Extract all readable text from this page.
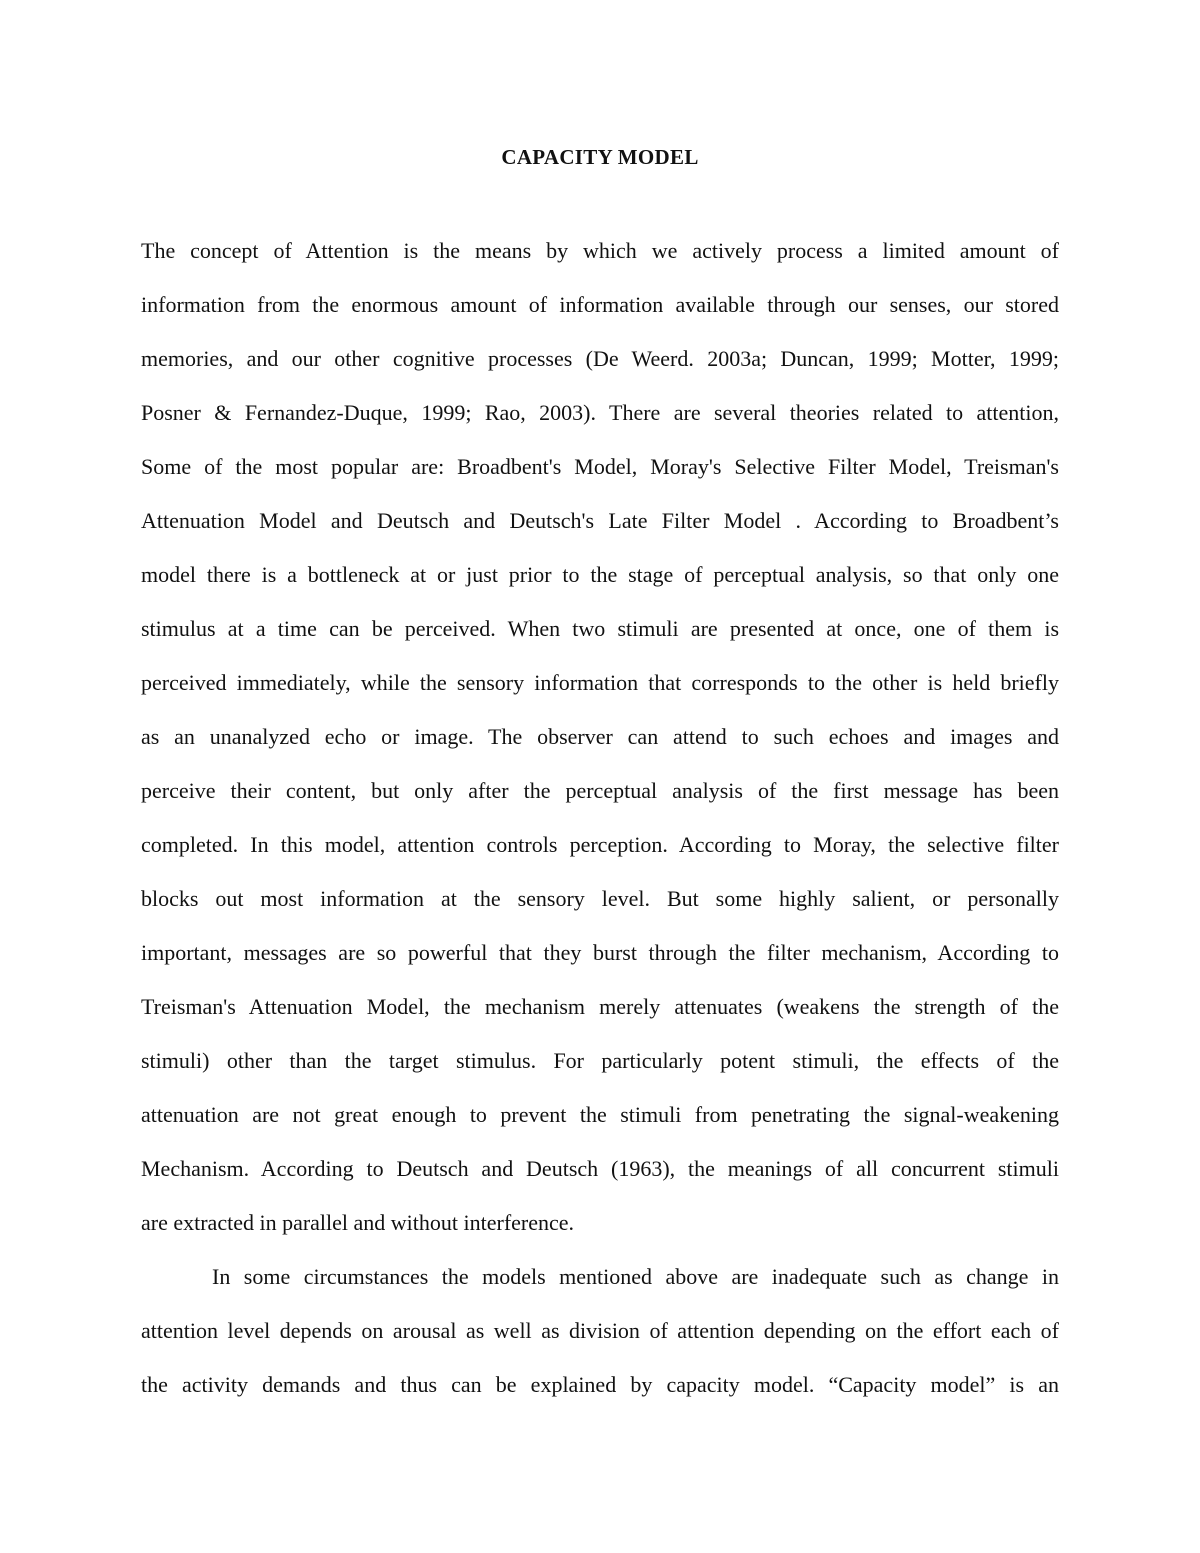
CAPACITY MODEL
The concept of Attention is the means by which we actively process a limited amount of
information from the enormous amount of information available through our senses, our stored
memories, and our other cognitive processes (De Weerd. 2003a; Duncan, 1999; Motter, 1999;
Posner & Fernandez-Duque, 1999; Rao, 2003). There are several theories related to attention,
Some of the most popular are: Broadbent's Model, Moray's Selective Filter Model, Treisman's
Attenuation Model and Deutsch and Deutsch's Late Filter Model . According to Broadbent’s
model there is a bottleneck at or just prior to the stage of perceptual analysis, so that only one
stimulus at a time can be perceived. When two stimuli are presented at once, one of them is
perceived immediately, while the sensory information that corresponds to the other is held briefly
as an unanalyzed echo or image. The observer can attend to such echoes and images and
perceive their content, but only after the perceptual analysis of the first message has been
completed. In this model, attention controls perception. According to Moray, the selective filter
blocks out most information at the sensory level. But some highly salient, or personally
important, messages are so powerful that they burst through the filter mechanism, According to
Treisman's Attenuation Model, the mechanism merely attenuates (weakens the strength of the
stimuli) other than the target stimulus. For particularly potent stimuli, the effects of the
attenuation are not great enough to prevent the stimuli from penetrating the signal-weakening
Mechanism. According to Deutsch and Deutsch (1963), the meanings of all concurrent stimuli
are extracted in parallel and without interference.
In some circumstances the models mentioned above are inadequate such as change in
attention level depends on arousal as well as division of attention depending on the effort each of
the activity demands and thus can be explained by capacity model. “Capacity model” is an
